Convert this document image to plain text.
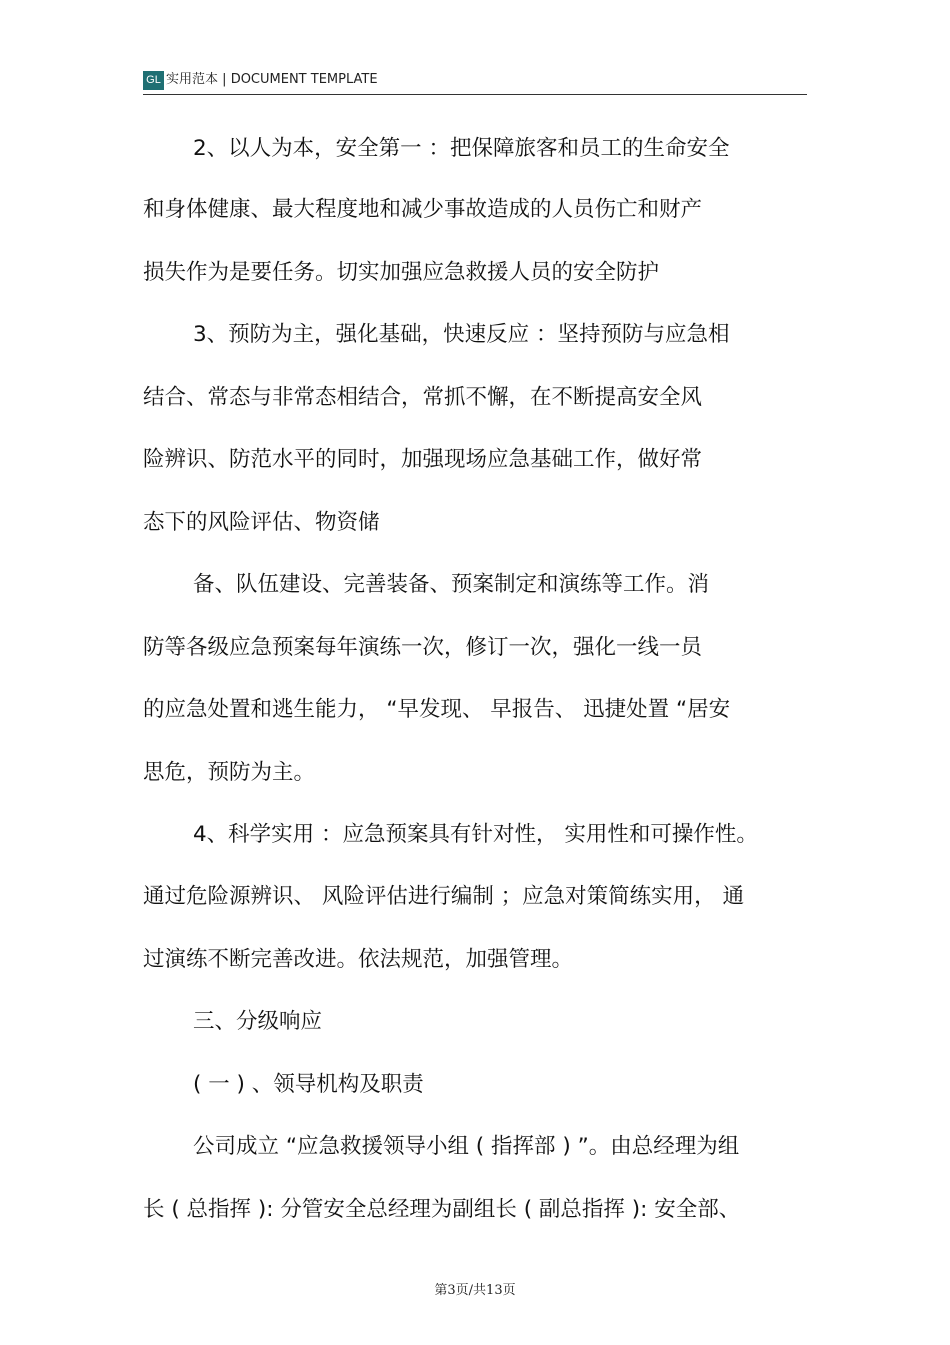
GL 实用范本 | DOCUMENT TEMPLATE
2、以人为本，安全第一 ：把保障旅客和员工的生命安全
和身体健康、最大程度地和减少事故造成的人员伤亡和财产
损失作为是要任务。切实加强应急救援人员的安全防护
3、预防为主，强化基础，快速反应 ：坚持预防与应急相
结合、常态与非常态相结合，常抓不懈，在不断提高安全风
险辨识、防范水平的同时，加强现场应急基础工作，做好常
态下的风险评估、物资储
备、队伍建设、完善装备、预案制定和演练等工作。消
防等各级应急预案每年演练一次，修订一次，强化一线一员
的应急处置和逃生能力， “早发现、 早报告、 迅捷处置 “居安
思危，预防为主。
4、科学实用 ：应急预案具有针对性， 实用性和可操作性。
通过危险源辨识、 风险评估进行编制 ；应急对策简练实用， 通
过演练不断完善改进。依法规范，加强管理。
三、分级响应
( 一 ) 、领导机构及职责
公司成立 “应急救援领导小组 ( 指挥部 ) ”。由总经理为组
长 ( 总指挥 ): 分管安全总经理为副组长 ( 副总指挥 ): 安全部、
第3页/共13页
